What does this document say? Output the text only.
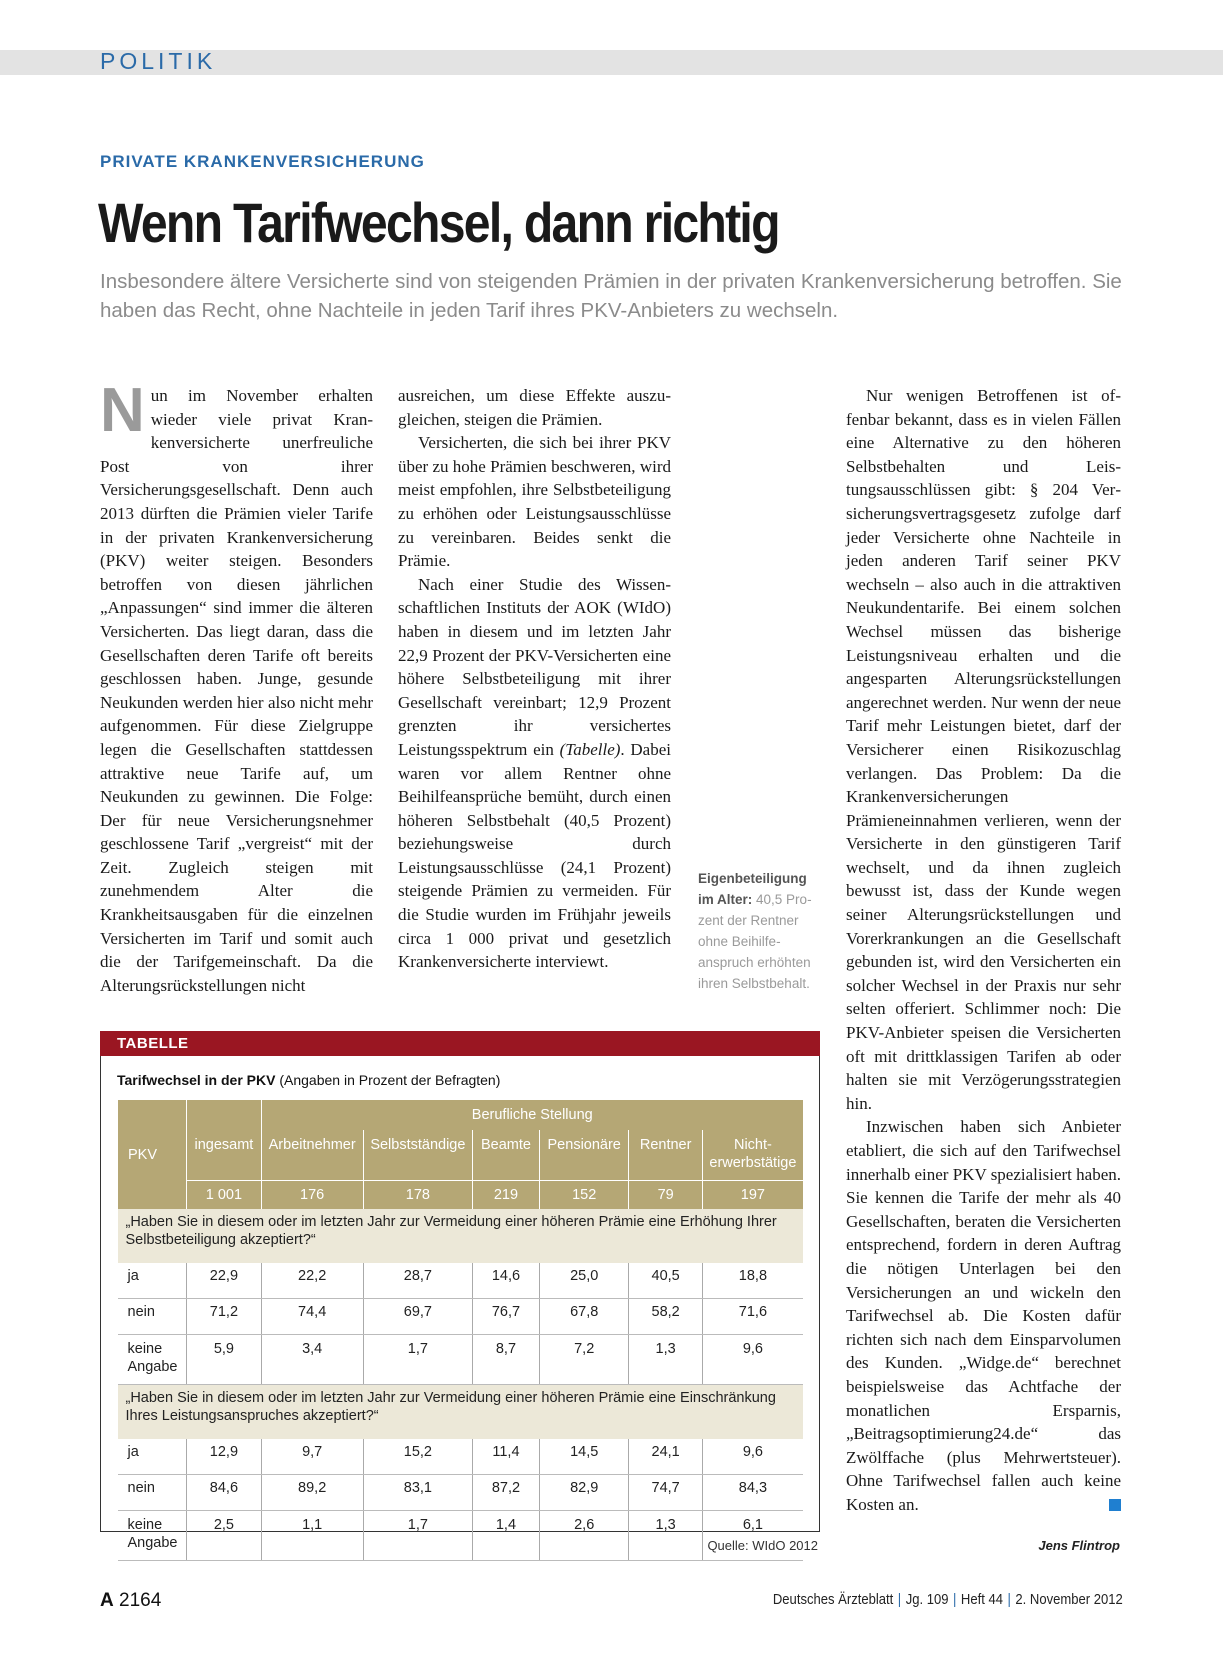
POLITIK
PRIVATE KRANKENVERSICHERUNG
Wenn Tarifwechsel, dann richtig
Insbesondere ältere Versicherte sind von steigenden Prämien in der privaten Krankenversicherung betroffen. Sie haben das Recht, ohne Nachteile in jeden Tarif ihres PKV-Anbieters zu wechseln.

Nun im November erhalten wieder viele privat Krankenversicherte unerfreuliche Post von ihrer Versicherungsgesellschaft. Denn auch 2013 dürften die Prämien vieler Tarife in der privaten Krankenversicherung (PKV) weiter steigen. Besonders betroffen von diesen jährlichen „Anpassungen“ sind immer die älteren Versicherten. Das liegt daran, dass die Gesellschaften deren Tarife oft bereits geschlossen haben. Junge, gesunde Neukunden werden hier also nicht mehr aufgenommen. Für diese Zielgruppe legen die Gesellschaften stattdessen attraktive neue Tarife auf, um Neukunden zu gewinnen. Die Folge: Der für neue Versicherungsnehmer geschlossene Tarif „vergreist“ mit der Zeit. Zugleich steigen mit zunehmendem Alter die Krankheitsausgaben für die einzelnen Versicherten im Tarif und somit auch die der Tarifgemeinschaft. Da die Alterungsrückstellungen nicht

ausreichen, um diese Effekte auszugleichen, steigen die Prämien.

Versicherten, die sich bei ihrer PKV über zu hohe Prämien beschweren, wird meist empfohlen, ihre Selbstbeteiligung zu erhöhen oder Leistungsausschlüsse zu vereinbaren. Beides senkt die Prämie.

Nach einer Studie des Wissenschaftlichen Instituts der AOK (WIdO) haben in diesem und im letzten Jahr 22,9 Prozent der PKV-Versicherten eine höhere Selbstbeteiligung mit ihrer Gesellschaft vereinbart; 12,9 Prozent grenzten ihr versichertes Leistungsspektrum ein (Tabelle). Dabei waren vor allem Rentner ohne Beihilfeansprüche bemüht, durch einen höheren Selbstbehalt (40,5 Prozent) beziehungsweise durch Leistungsausschlüsse (24,1 Prozent) steigende Prämien zu vermeiden. Für die Studie wurden im Frühjahr jeweils circa 1 000 privat und gesetzlich Krankenversicherte interviewt.

Eigenbeteiligung im Alter: 40,5 Prozent der Rentner ohne Beihilfeanspruch erhöhten ihren Selbstbehalt.

Nur wenigen Betroffenen ist offenbar bekannt, dass es in vielen Fällen eine Alternative zu den höheren Selbstbehalten und Leistungsausschlüssen gibt: § 204 Versicherungsvertragsgesetz zufolge darf jeder Versicherte ohne Nachteile in jeden anderen Tarif seiner PKV wechseln – also auch in die attraktiven Neukundentarife. Bei einem solchen Wechsel müssen das bisherige Leistungsniveau erhalten und die angesparten Alterungsrückstellungen angerechnet werden. Nur wenn der neue Tarif mehr Leistungen bietet, darf der Versicherer einen Risikozuschlag verlangen. Das Problem: Da die Krankenversicherungen Prämieneinnahmen verlieren, wenn der Versicherte in den günstigeren Tarif wechselt, und da ihnen zugleich bewusst ist, dass der Kunde wegen seiner Alterungsrückstellungen und Vorerkrankungen an die Gesellschaft gebunden ist, wird den Versicherten ein solcher Wechsel in der Praxis nur sehr selten offeriert. Schlimmer noch: Die PKV-Anbieter speisen die Versicherten oft mit drittklassigen Tarifen ab oder halten sie mit Verzögerungsstrategien hin.

Inzwischen haben sich Anbieter etabliert, die sich auf den Tarifwechsel innerhalb einer PKV spezialisiert haben. Sie kennen die Tarife der mehr als 40 Gesellschaften, beraten die Versicherten entsprechend, fordern in deren Auftrag die nötigen Unterlagen bei den Versicherungen an und wickeln den Tarifwechsel ab. Die Kosten dafür richten sich nach dem Einsparvolumen des Kunden. „Widge.de“ berechnet beispielsweise das Achtfache der monatlichen Ersparnis, „Beitragsoptimierung24.de“ das Zwölffache (plus Mehrwertsteuer). Ohne Tarifwechsel fallen auch keine Kosten an.

TABELLE
Tarifwechsel in der PKV (Angaben in Prozent der Befragten)
PKV		Berufliche Stellung					
	ingesamt	Arbeitnehmer	Selbstständige	Beamte	Pensionäre	Rentner	Nicht-erwerbstätige
	1 001	176	178	219	152	79	197
„Haben Sie in diesem oder im letzten Jahr zur Vermeidung einer höheren Prämie eine Erhöhung Ihrer Selbstbeteiligung akzeptiert?“							
ja	22,9	22,2	28,7	14,6	25,0	40,5	18,8
nein	71,2	74,4	69,7	76,7	67,8	58,2	71,6
keine Angabe	5,9	3,4	1,7	8,7	7,2	1,3	9,6
„Haben Sie in diesem oder im letzten Jahr zur Vermeidung einer höheren Prämie eine Einschränkung Ihres Leistungsanspruches akzeptiert?“							
ja	12,9	9,7	15,2	11,4	14,5	24,1	9,6
nein	84,6	89,2	83,1	87,2	82,9	74,7	84,3
keine Angabe	2,5	1,1	1,7	1,4	2,6	1,3	6,1
Quelle: WIdO 2012	Jens Flintrop
A 2164	Deutsches Ärzteblatt | Jg. 109 | Heft 44 | 2. November 2012
